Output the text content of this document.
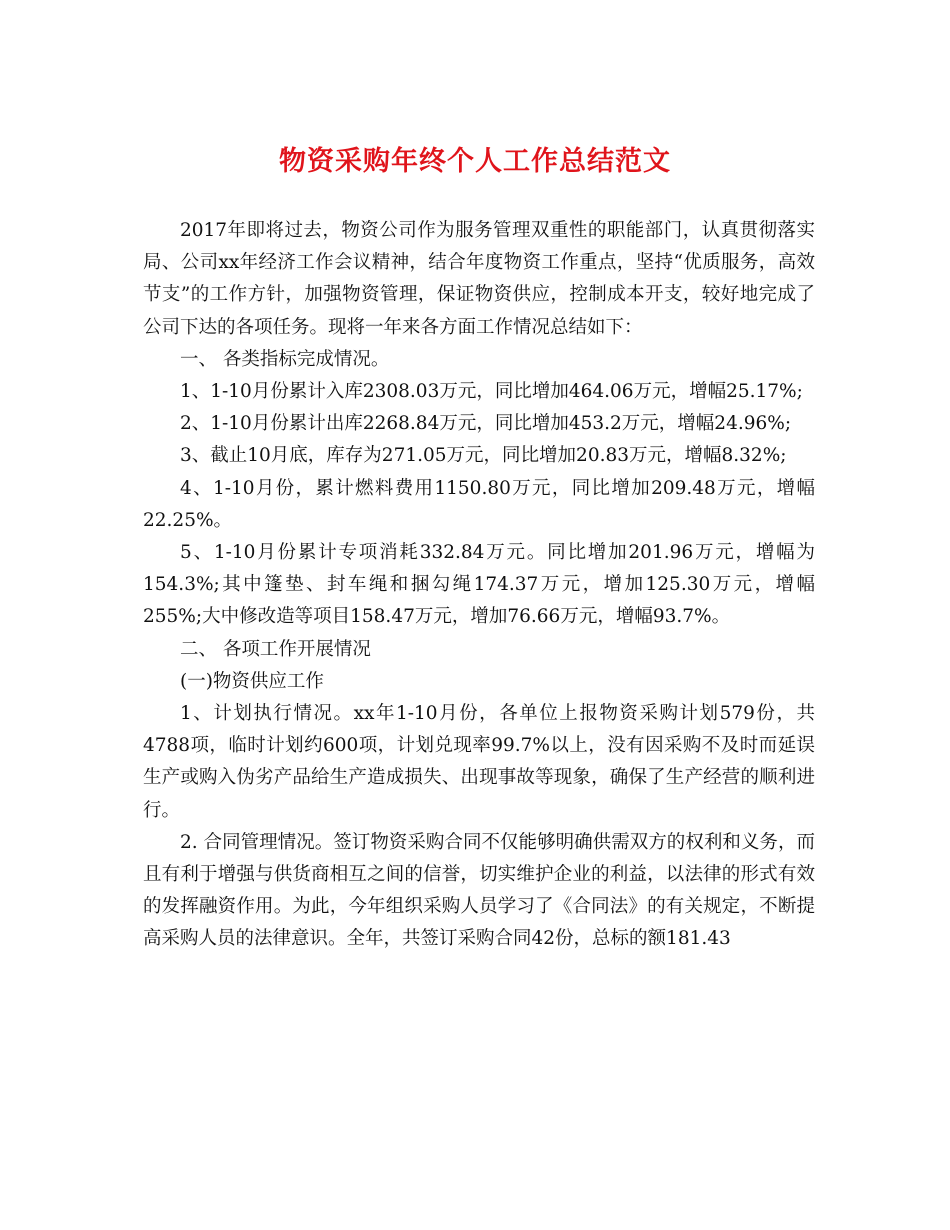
物资采购年终个人工作总结范文

2017年即将过去，物资公司作为服务管理双重性的职能部门，认真贯彻落实局、公司xx年经济工作会议精神，结合年度物资工作重点，坚持“优质服务，高效节支”的工作方针，加强物资管理，保证物资供应，控制成本开支，较好地完成了公司下达的各项任务。现将一年来各方面工作情况总结如下：

一、 各类指标完成情况。

1、1-10月份累计入库2308.03万元，同比增加464.06万元，增幅25.17%;

2、1-10月份累计出库2268.84万元，同比增加453.2万元，增幅24.96%;

3、截止10月底，库存为271.05万元，同比增加20.83万元，增幅8.32%;

4、1-10月份，累计燃料费用1150.80万元，同比增加209.48万元，增幅22.25%。

5、1-10月份累计专项消耗332.84万元。同比增加201.96万元，增幅为154.3%;其中篷垫、封车绳和捆勾绳174.37万元，增加125.30万元，增幅255%;大中修改造等项目158.47万元，增加76.66万元，增幅93.7%。

二、 各项工作开展情况

(一)物资供应工作

1、计划执行情况。xx年1-10月份，各单位上报物资采购计划579份，共4788项，临时计划约600项，计划兑现率99.7%以上，没有因采购不及时而延误生产或购入伪劣产品给生产造成损失、出现事故等现象，确保了生产经营的顺利进行。

2. 合同管理情况。签订物资采购合同不仅能够明确供需双方的权利和义务，而且有利于增强与供货商相互之间的信誉，切实维护企业的利益，以法律的形式有效的发挥融资作用。为此，今年组织采购人员学习了《合同法》的有关规定，不断提高采购人员的法律意识。全年，共签订采购合同42份，总标的额181.43
